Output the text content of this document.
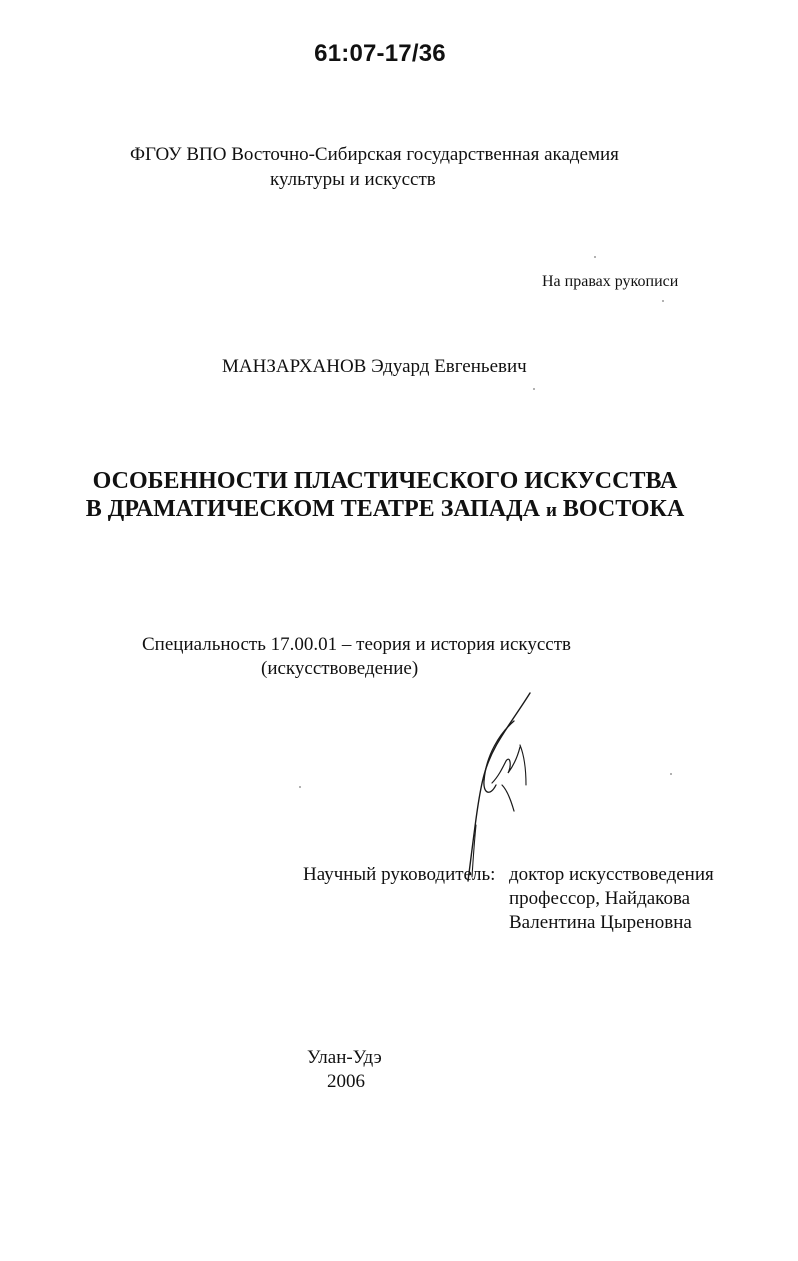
61:07-17/36
ФГОУ ВПО Восточно-Сибирская государственная академия
культуры и искусств
На правах рукописи
МАНЗАРХАНОВ Эдуард Евгеньевич
ОСОБЕННОСТИ ПЛАСТИЧЕСКОГО ИСКУССТВА
В ДРАМАТИЧЕСКОМ ТЕАТРЕ ЗАПАДА и ВОСТОКА
Специальность 17.00.01 – теория и история искусств
(искусствоведение)
Научный руководитель: доктор искусствоведения
профессор, Найдакова
Валентина Цыреновна
Улан-Удэ
2006
